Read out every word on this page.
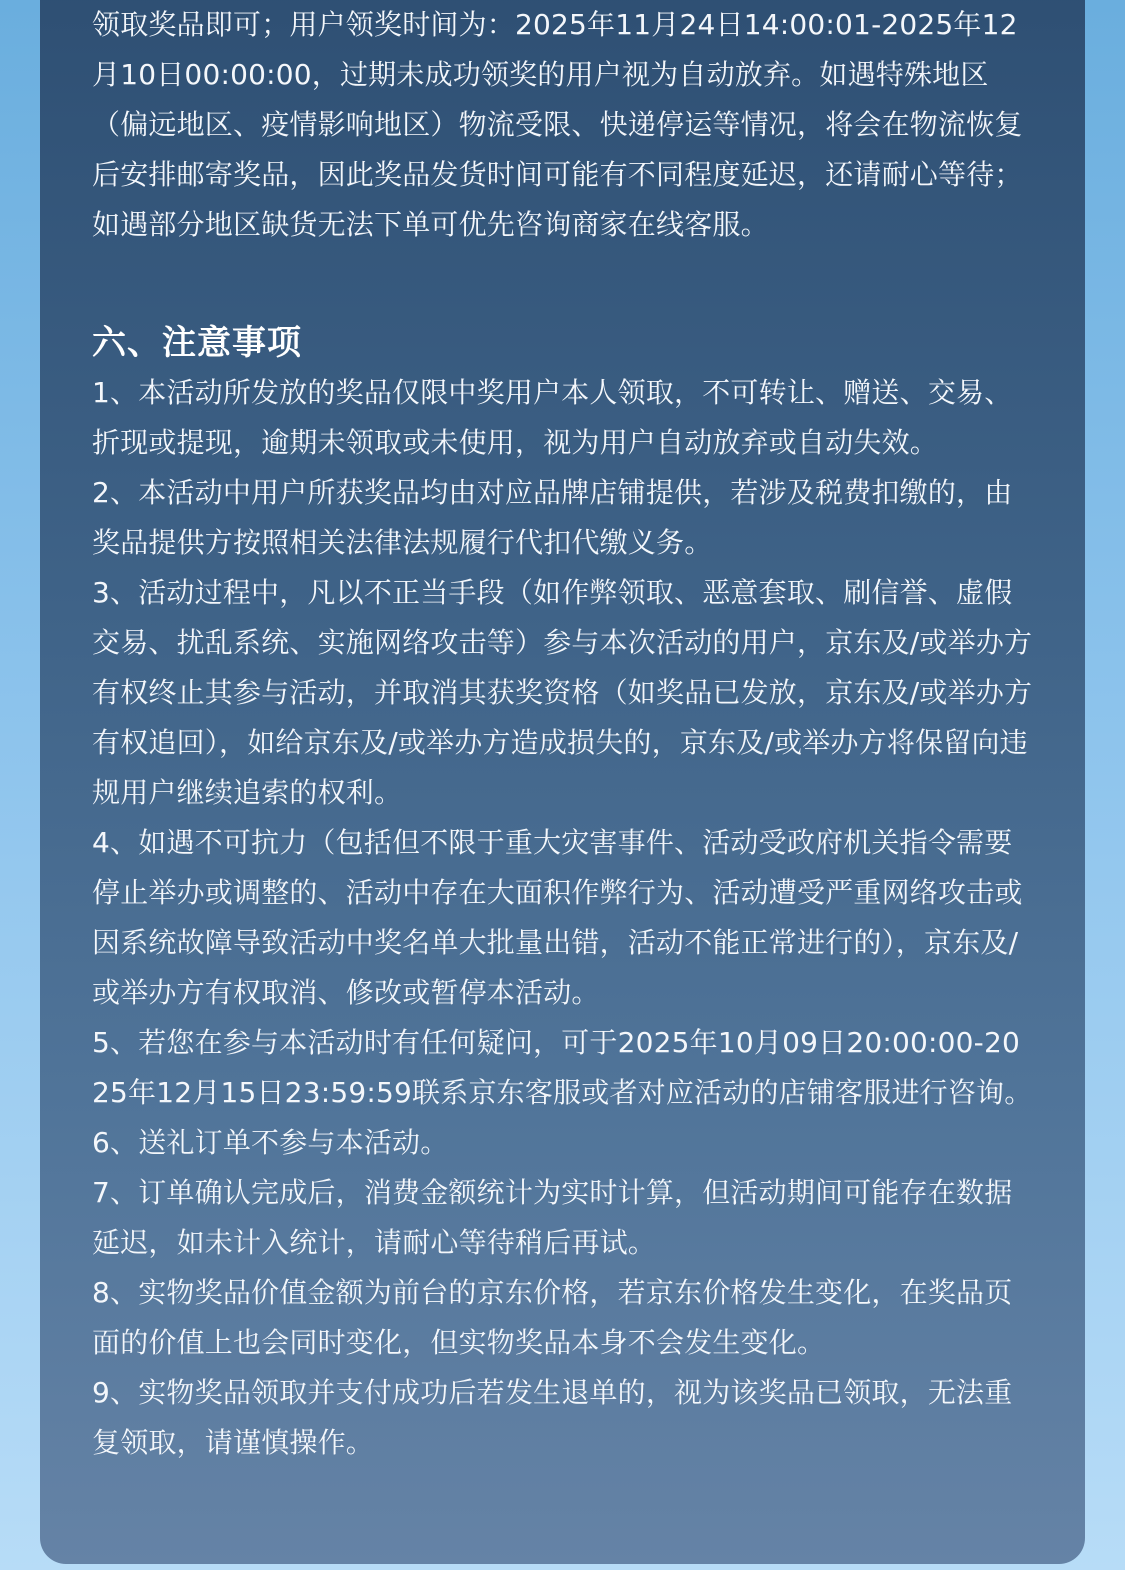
领取奖品即可；用户领奖时间为：2025年11月24日14:00:01-2025年12月10日00:00:00，过期未成功领奖的用户视为自动放弃。如遇特殊地区（偏远地区、疫情影响地区）物流受限、快递停运等情况，将会在物流恢复后安排邮寄奖品，因此奖品发货时间可能有不同程度延迟，还请耐心等待；如遇部分地区缺货无法下单可优先咨询商家在线客服。

六、注意事项
1、本活动所发放的奖品仅限中奖用户本人领取，不可转让、赠送、交易、折现或提现，逾期未领取或未使用，视为用户自动放弃或自动失效。
2、本活动中用户所获奖品均由对应品牌店铺提供，若涉及税费扣缴的，由奖品提供方按照相关法律法规履行代扣代缴义务。
3、活动过程中，凡以不正当手段（如作弊领取、恶意套取、刷信誉、虚假交易、扰乱系统、实施网络攻击等）参与本次活动的用户，京东及/或举办方有权终止其参与活动，并取消其获奖资格（如奖品已发放，京东及/或举办方有权追回），如给京东及/或举办方造成损失的，京东及/或举办方将保留向违规用户继续追索的权利。
4、如遇不可抗力（包括但不限于重大灾害事件、活动受政府机关指令需要停止举办或调整的、活动中存在大面积作弊行为、活动遭受严重网络攻击或因系统故障导致活动中奖名单大批量出错，活动不能正常进行的），京东及/或举办方有权取消、修改或暂停本活动。
5、若您在参与本活动时有任何疑问，可于2025年10月09日20:00:00-2025年12月15日23:59:59联系京东客服或者对应活动的店铺客服进行咨询。
6、送礼订单不参与本活动。
7、订单确认完成后，消费金额统计为实时计算，但活动期间可能存在数据延迟，如未计入统计，请耐心等待稍后再试。
8、实物奖品价值金额为前台的京东价格，若京东价格发生变化，在奖品页面的价值上也会同时变化，但实物奖品本身不会发生变化。
9、实物奖品领取并支付成功后若发生退单的，视为该奖品已领取，无法重复领取，请谨慎操作。
